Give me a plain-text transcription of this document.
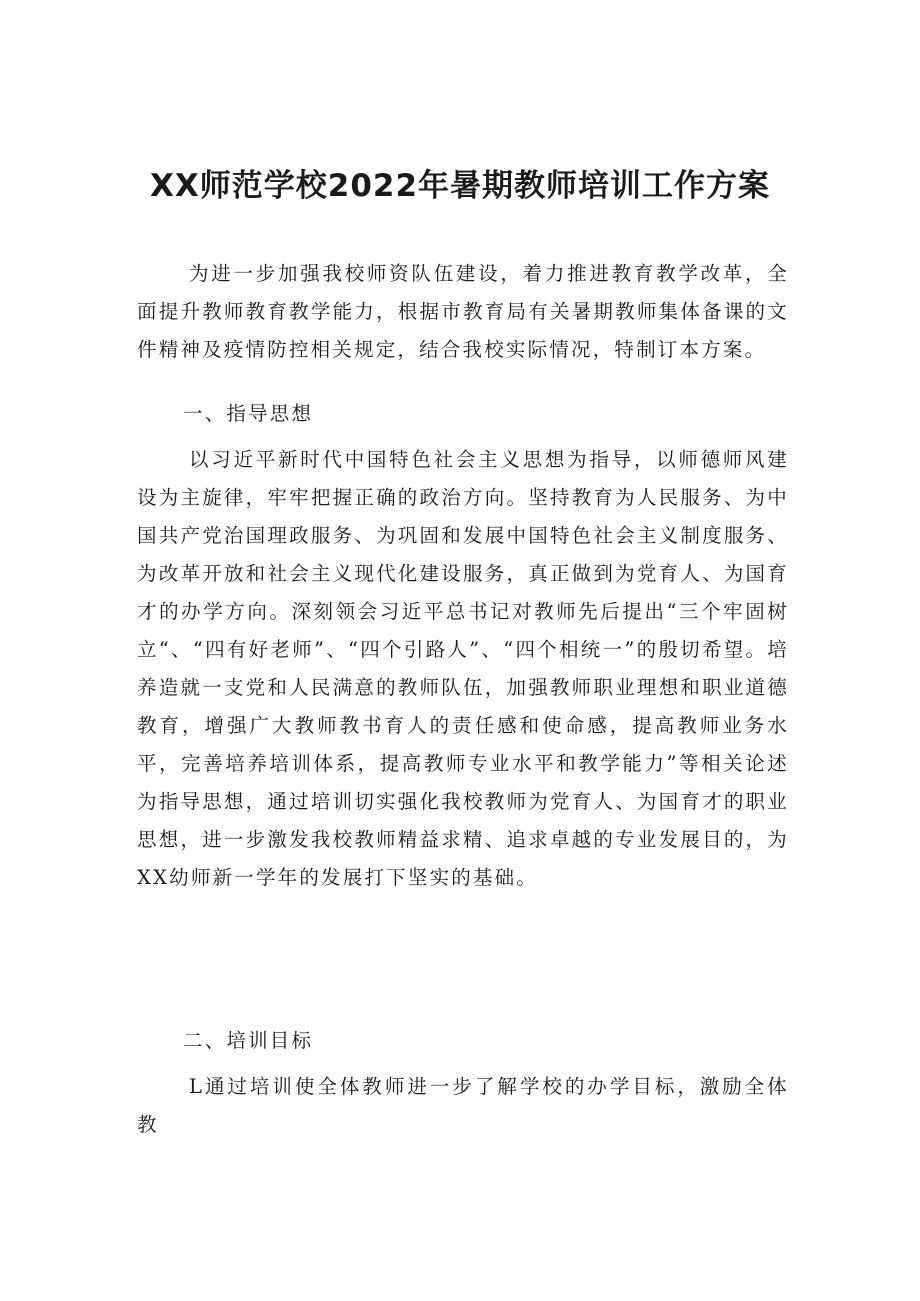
XX师范学校2022年暑期教师培训工作方案
为进一步加强我校师资队伍建设，着力推进教育教学改革，全面提升教师教育教学能力，根据市教育局有关暑期教师集体备课的文件精神及疫情防控相关规定，结合我校实际情况，特制订本方案。
一、指导思想
以习近平新时代中国特色社会主义思想为指导，以师德师风建设为主旋律，牢牢把握正确的政治方向。坚持教育为人民服务、为中国共产党治国理政服务、为巩固和发展中国特色社会主义制度服务、为改革开放和社会主义现代化建设服务，真正做到为党育人、为国育才的办学方向。深刻领会习近平总书记对教师先后提出“三个牢固树立“、“四有好老师”、“四个引路人”、“四个相统一”的殷切希望。培养造就一支党和人民满意的教师队伍，加强教师职业理想和职业道德教育，增强广大教师教书育人的责任感和使命感，提高教师业务水平，完善培养培训体系，提高教师专业水平和教学能力”等相关论述为指导思想，通过培训切实强化我校教师为党育人、为国育才的职业思想，进一步激发我校教师精益求精、追求卓越的专业发展目的，为XX幼师新一学年的发展打下坚实的基础。
二、培训目标
L通过培训使全体教师进一步了解学校的办学目标，激励全体教
